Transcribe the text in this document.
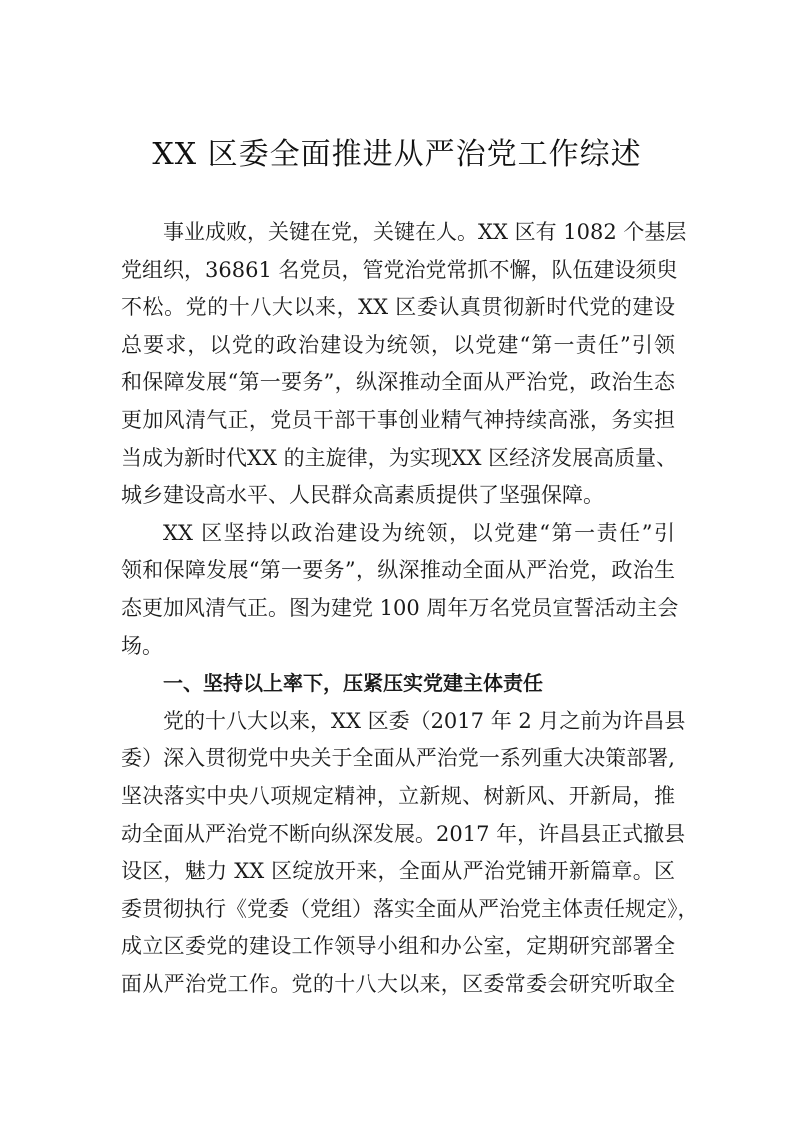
XX 区委全面推进从严治党工作综述
事业成败，关键在党，关键在人。XX 区有 1082 个基层
党组织，36861 名党员，管党治党常抓不懈，队伍建设须臾
不松。党的十八大以来，XX 区委认真贯彻新时代党的建设
总要求，以党的政治建设为统领，以党建“第一责任”引领
和保障发展“第一要务”，纵深推动全面从严治党，政治生态
更加风清气正，党员干部干事创业精气神持续高涨，务实担
当成为新时代XX 的主旋律，为实现XX 区经济发展高质量、
城乡建设高水平、人民群众高素质提供了坚强保障。
XX 区坚持以政治建设为统领，以党建“第一责任”引
领和保障发展“第一要务”，纵深推动全面从严治党，政治生
态更加风清气正。图为建党 100 周年万名党员宣誓活动主会
场。
一、坚持以上率下，压紧压实党建主体责任
党的十八大以来，XX 区委（2017 年 2 月之前为许昌县
委）深入贯彻党中央关于全面从严治党一系列重大决策部署,
坚决落实中央八项规定精神，立新规、树新风、开新局，推
动全面从严治党不断向纵深发展。2017 年，许昌县正式撤县
设区，魅力 XX 区绽放开来，全面从严治党铺开新篇章。区
委贯彻执行《党委（党组）落实全面从严治党主体责任规定》，
成立区委党的建设工作领导小组和办公室，定期研究部署全
面从严治党工作。党的十八大以来，区委常委会研究听取全
